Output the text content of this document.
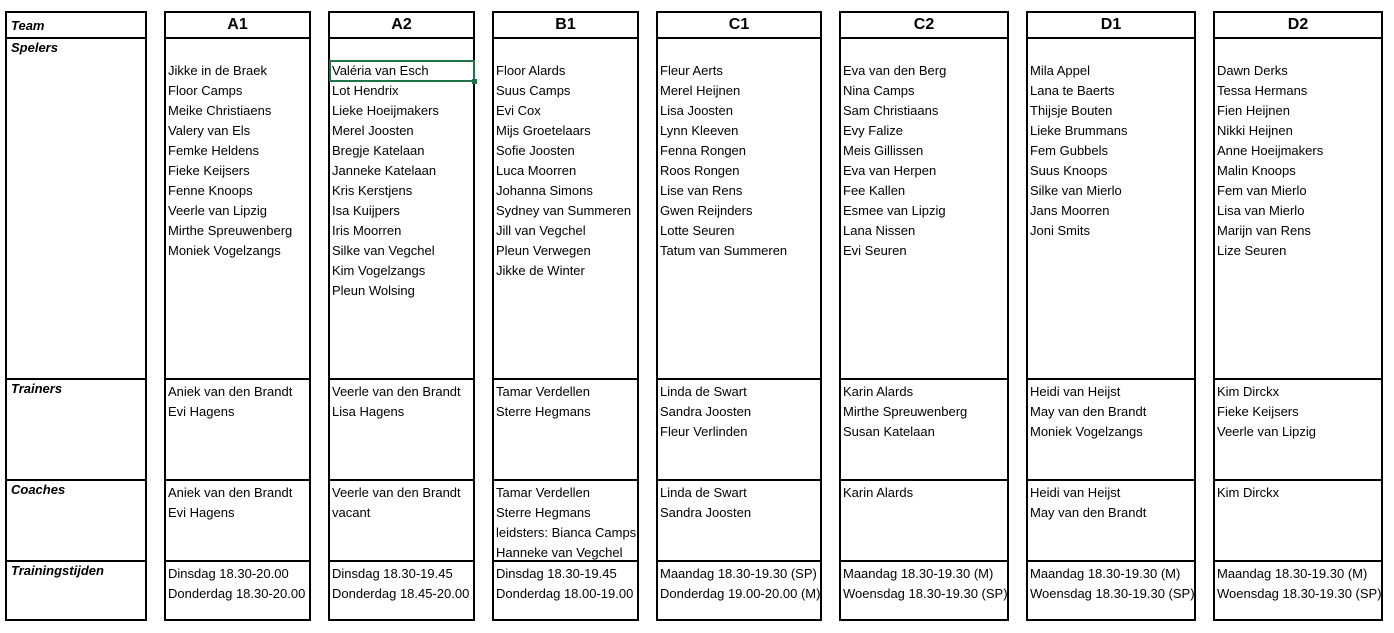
Team
Spelers
Trainers
Coaches
Trainingstijden
A1
Jikke in de Braek
Floor Camps
Meike Christiaens
Valery van Els
Femke Heldens
Fieke Keijsers
Fenne Knoops
Veerle van Lipzig
Mirthe Spreuwenberg
Moniek Vogelzangs
Aniek van den Brandt
Evi Hagens
Aniek van den Brandt
Evi Hagens
Dinsdag 18.30-20.00
Donderdag 18.30-20.00
A2
Valéria van Esch
Lot Hendrix
Lieke Hoeijmakers
Merel Joosten
Bregje Katelaan
Janneke Katelaan
Kris Kerstjens
Isa Kuijpers
Iris Moorren
Silke van Vegchel
Kim Vogelzangs
Pleun Wolsing
Veerle van den Brandt
Lisa Hagens
Veerle van den Brandt
vacant
Dinsdag 18.30-19.45
Donderdag 18.45-20.00
B1
Floor Alards
Suus Camps
Evi Cox
Mijs Groetelaars
Sofie Joosten
Luca Moorren
Johanna Simons
Sydney van Summeren
Jill van Vegchel
Pleun Verwegen
Jikke de Winter
Tamar Verdellen
Sterre Hegmans
Tamar Verdellen
Sterre Hegmans
leidsters: Bianca Camps
Hanneke van Vegchel
Dinsdag 18.30-19.45
Donderdag 18.00-19.00
C1
Fleur Aerts
Merel Heijnen
Lisa Joosten
Lynn Kleeven
Fenna Rongen
Roos Rongen
Lise van Rens
Gwen Reijnders
Lotte Seuren
Tatum van Summeren
Linda de Swart
Sandra Joosten
Fleur Verlinden
Linda de Swart
Sandra Joosten
Maandag 18.30-19.30 (SP)
Donderdag 19.00-20.00 (M)
C2
Eva van den Berg
Nina Camps
Sam Christiaans
Evy Falize
Meis Gillissen
Eva van Herpen
Fee Kallen
Esmee van Lipzig
Lana Nissen
Evi Seuren
Karin Alards
Mirthe Spreuwenberg
Susan Katelaan
Karin Alards
Maandag 18.30-19.30 (M)
Woensdag 18.30-19.30 (SP)
D1
Mila Appel
Lana te Baerts
Thijsje Bouten
Lieke Brummans
Fem Gubbels
Suus Knoops
Silke van Mierlo
Jans Moorren
Joni Smits
Heidi van Heijst
May van den Brandt
Moniek Vogelzangs
Heidi van Heijst
May van den Brandt
Maandag 18.30-19.30 (M)
Woensdag 18.30-19.30 (SP)
D2
Dawn Derks
Tessa Hermans
Fien Heijnen
Nikki Heijnen
Anne Hoeijmakers
Malin Knoops
Fem van Mierlo
Lisa van Mierlo
Marijn van Rens
Lize Seuren
Kim Dirckx
Fieke Keijsers
Veerle van Lipzig
Kim Dirckx
Maandag 18.30-19.30 (M)
Woensdag 18.30-19.30 (SP)
